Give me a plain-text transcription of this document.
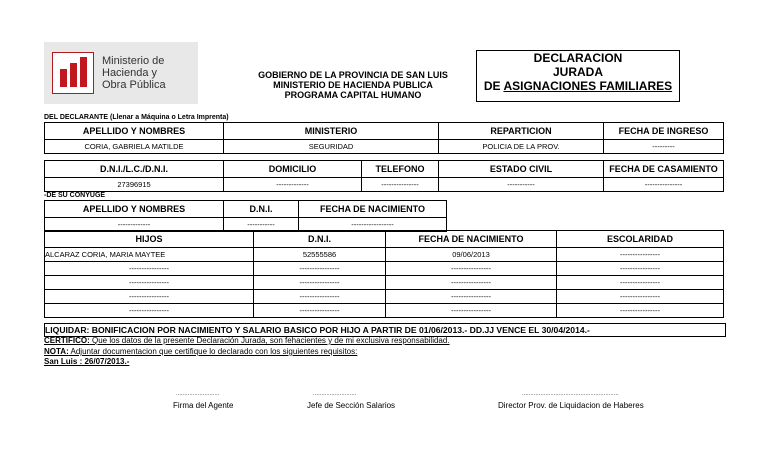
Ministerio de
Hacienda y
Obra Pública
GOBIERNO DE LA PROVINCIA DE SAN LUIS
MINISTERIO DE HACIENDA PUBLICA
PROGRAMA CAPITAL HUMANO
DECLARACION
JURADA
DE ASIGNACIONES FAMILIARES
DEL DECLARANTE (Llenar a Máquina o Letra Imprenta)
APELLIDO Y NOMBRES	MINISTERIO	REPARTICION	FECHA DE INGRESO
CORIA, GABRIELA MATILDE	SEGURIDAD	POLICIA DE LA PROV.	---------
D.N.I./L.C./D.N.I.	DOMICILIO	TELEFONO	ESTADO CIVIL	FECHA DE CASAMIENTO
27396915	-------------	---------------	-----------	---------------
-DE SU CONYUGE
APELLIDO Y NOMBRES	D.N.I.	FECHA DE NACIMIENTO
-------------	-----------	-----------------
HIJOS	D.N.I.	FECHA DE NACIMIENTO	ESCOLARIDAD
ALCARAZ CORIA, MARIA MAYTEE	52555586	09/06/2013	----------------
----------------	----------------	----------------	----------------
----------------	----------------	----------------	----------------
----------------	----------------	----------------	----------------
----------------	----------------	----------------	----------------
LIQUIDAR: BONIFICACION POR NACIMIENTO Y SALARIO BASICO POR HIJO A PARTIR DE 01/06/2013.- DD.JJ VENCE EL 30/04/2014.-
CERTIFICO: Que los datos de la presente Declaración Jurada, son fehacientes y de mi exclusiva responsabilidad.
NOTA: Adjuntar documentacion que certifique lo declarado con los siguientes requisitos:
San Luis : 26/07/2013.-
..........................	..........................	..........................................................
Firma del Agente	Jefe de Sección Salarios	Director Prov. de Liquidacion de Haberes
